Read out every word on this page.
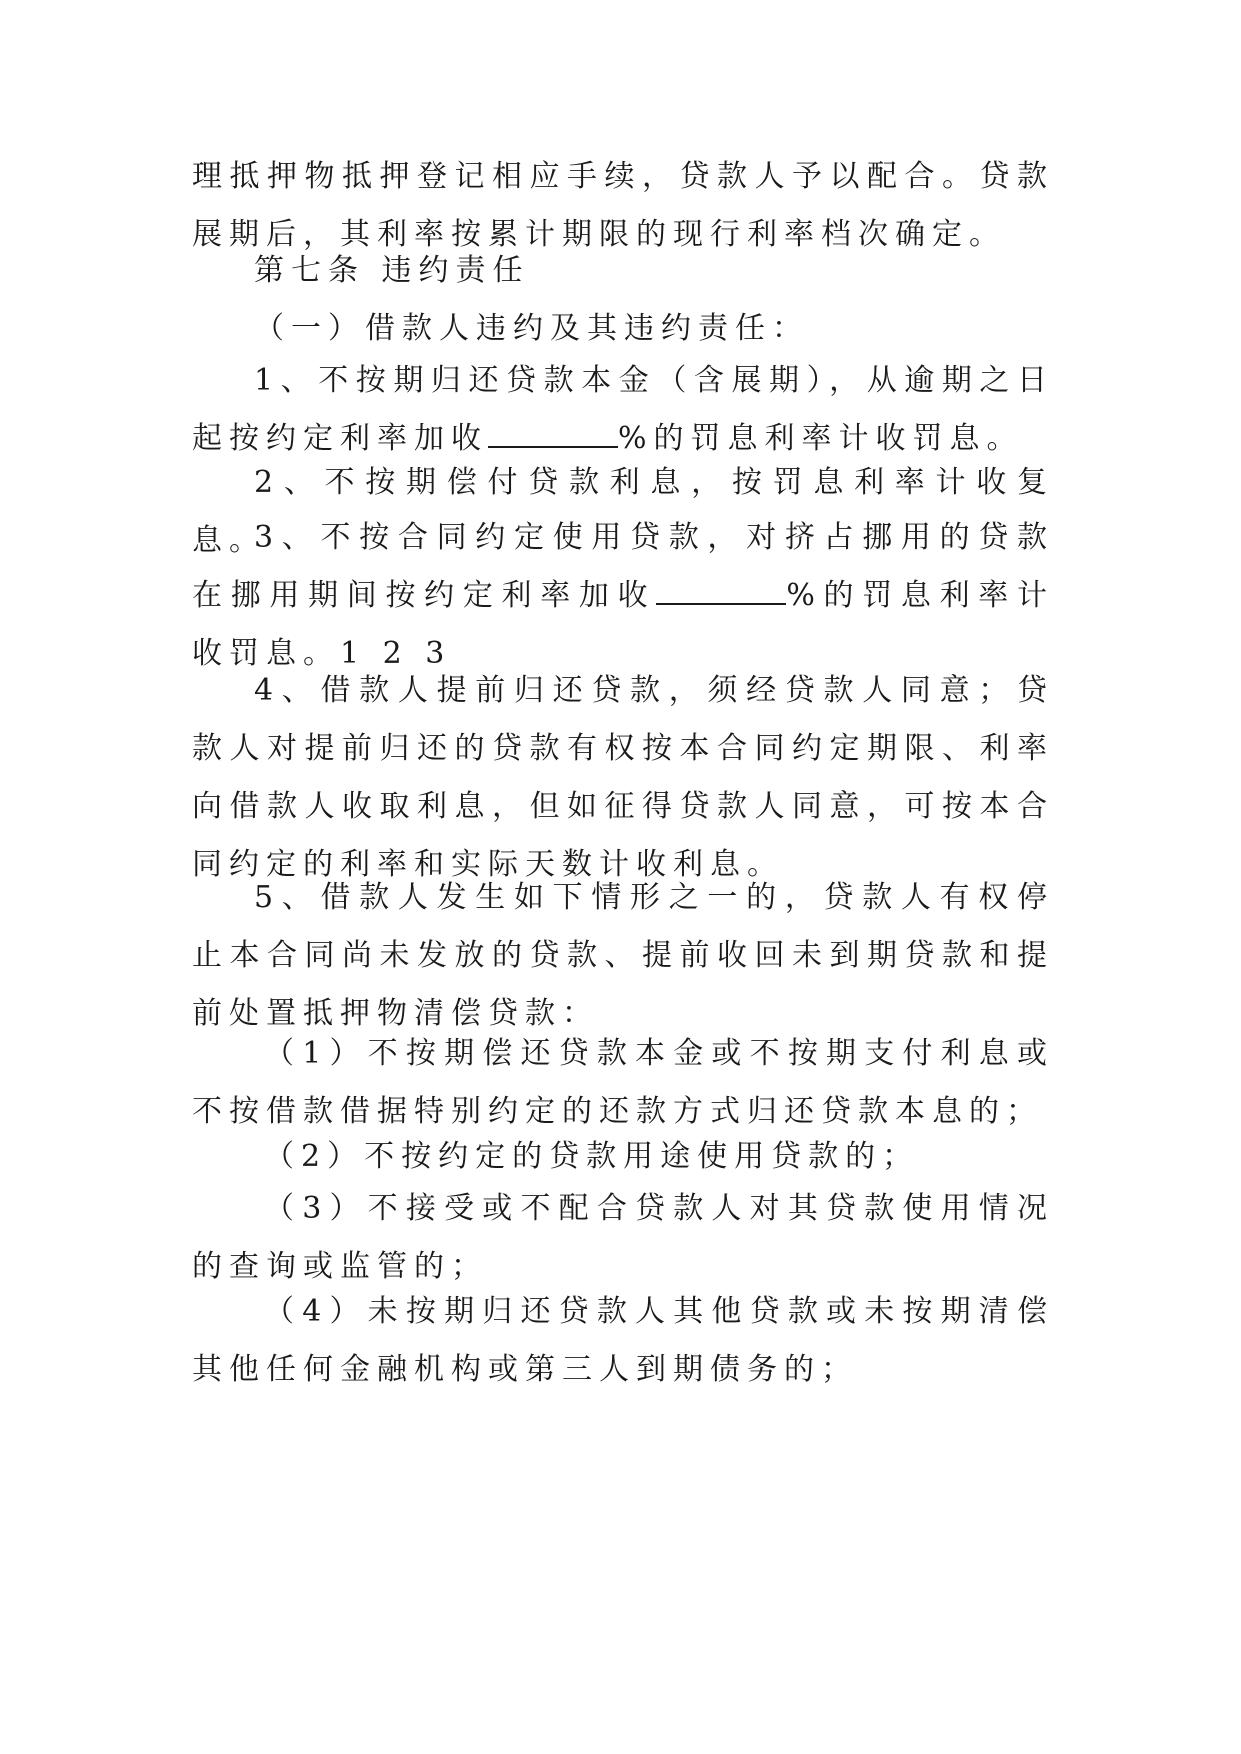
理抵押物抵押登记相应手续，贷款人予以配合。贷款展期后，其利率按累计期限的现行利率档次确定。

第七条 违约责任

（一）借款人违约及其违约责任：

1、不按期归还贷款本金（含展期），从逾期之日起按约定利率加收	%的罚息利率计收罚息。

2、不按期偿付贷款利息，按罚息利率计收复息。

3、不按合同约定使用贷款，对挤占挪用的贷款在挪用期间按约定利率加收	%的罚息利率计收罚息。1 2 3

4、借款人提前归还贷款，须经贷款人同意；贷款人对提前归还的贷款有权按本合同约定期限、利率向借款人收取利息，但如征得贷款人同意，可按本合同约定的利率和实际天数计收利息。

5、借款人发生如下情形之一的，贷款人有权停止本合同尚未发放的贷款、提前收回未到期贷款和提前处置抵押物清偿贷款：

（1）不按期偿还贷款本金或不按期支付利息或不按借款借据特别约定的还款方式归还贷款本息的；

（2）不按约定的贷款用途使用贷款的；

（3）不接受或不配合贷款人对其贷款使用情况的查询或监管的；

（4）未按期归还贷款人其他贷款或未按期清偿其他任何金融机构或第三人到期债务的；
